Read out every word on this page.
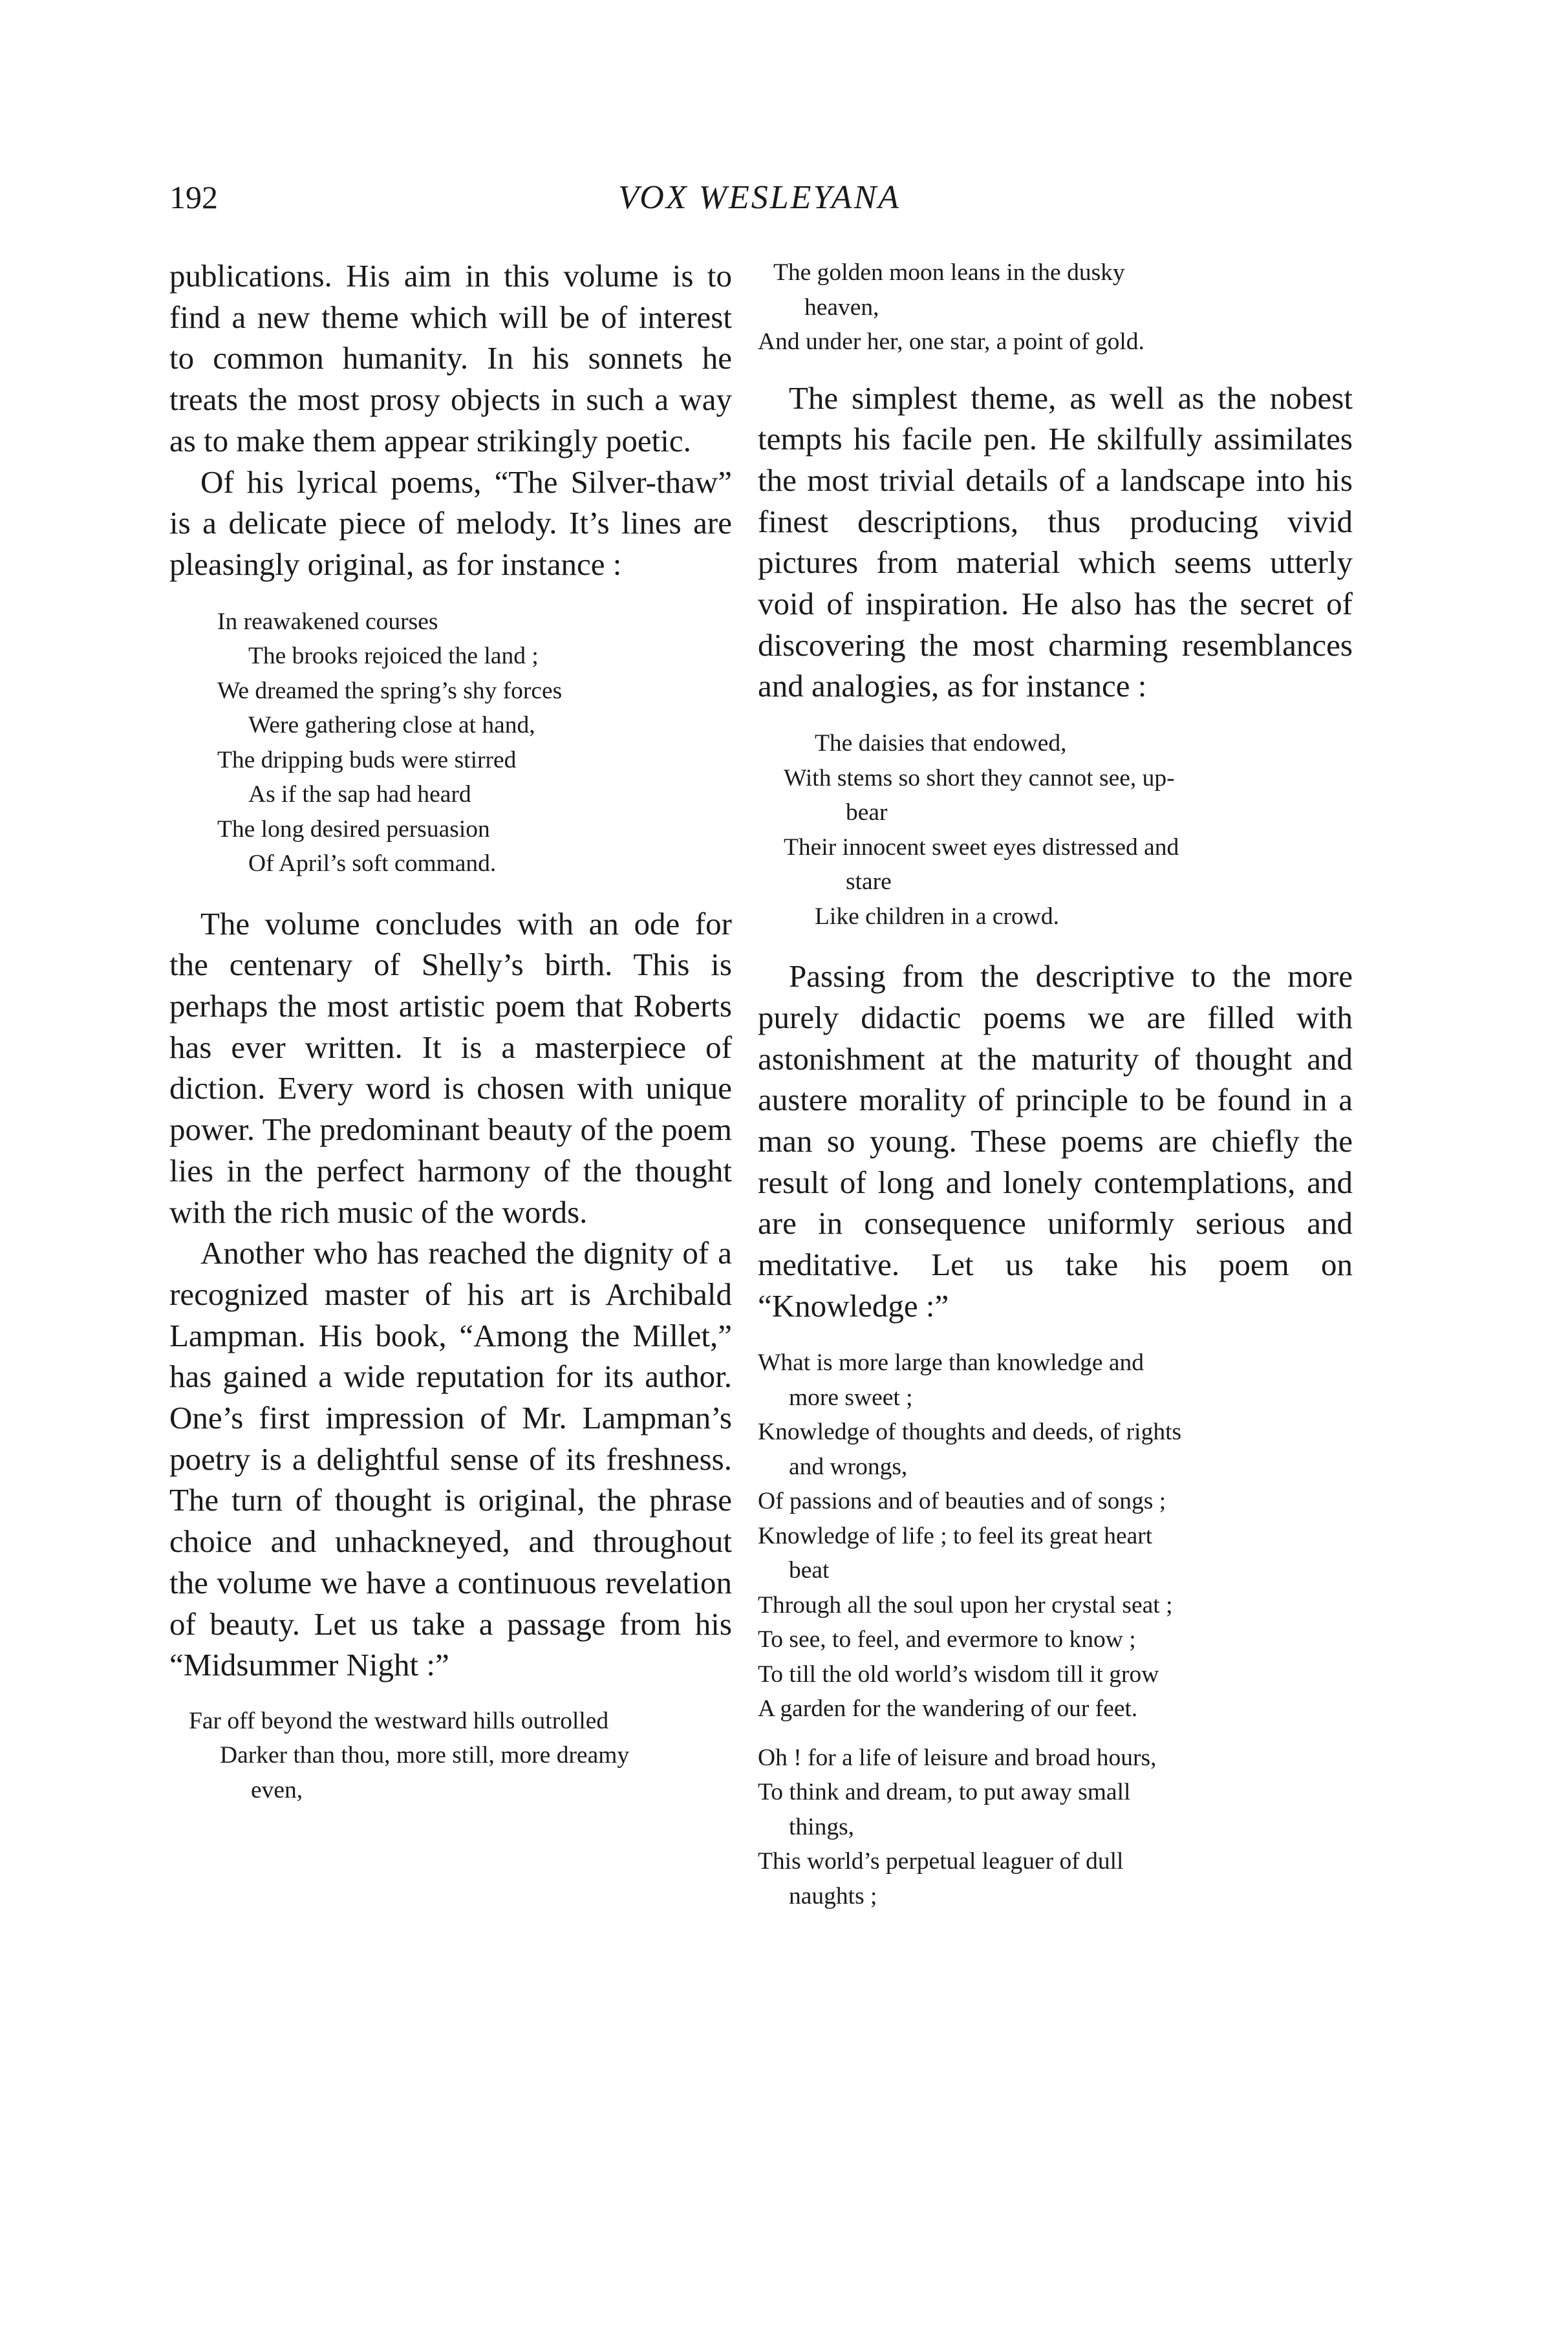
192	VOX WESLEYANA

publications. His aim in this volume is to find a new theme which will be of interest to common humanity. In his sonnets he treats the most prosy objects in such a way as to make them appear strikingly poetic.

Of his lyrical poems, “The Silver-thaw” is a delicate piece of melody. It’s lines are pleasingly original, as for instance :

In reawakened courses
The brooks rejoiced the land ;
We dreamed the spring’s shy forces
Were gathering close at hand,
The dripping buds were stirred
As if the sap had heard
The long desired persuasion
Of April’s soft command.

The volume concludes with an ode for the centenary of Shelly’s birth. This is perhaps the most artistic poem that Roberts has ever written. It is a masterpiece of diction. Every word is chosen with unique power. The predominant beauty of the poem lies in the perfect harmony of the thought with the rich music of the words.

Another who has reached the dignity of a recognized master of his art is Archibald Lampman. His book, “Among the Millet,” has gained a wide reputation for its author. One’s first impression of Mr. Lampman’s poetry is a delightful sense of its freshness. The turn of thought is original, the phrase choice and unhackneyed, and throughout the volume we have a continuous revelation of beauty. Let us take a passage from his “Midsummer Night :”

Far off beyond the westward hills outrolled
Darker than thou, more still, more dreamy
even,
The golden moon leans in the dusky
heaven,
And under her, one star, a point of gold.

The simplest theme, as well as the nobest tempts his facile pen. He skilfully assimilates the most trivial details of a landscape into his finest descriptions, thus producing vivid pictures from material which seems utterly void of inspiration. He also has the secret of discovering the most charming resemblances and analogies, as for instance :

The daisies that endowed,
With stems so short they cannot see, up-
bear
Their innocent sweet eyes distressed and
stare
Like children in a crowd.

Passing from the descriptive to the more purely didactic poems we are filled with astonishment at the maturity of thought and austere morality of principle to be found in a man so young. These poems are chiefly the result of long and lonely contemplations, and are in consequence uniformly serious and meditative. Let us take his poem on “Knowledge :”

What is more large than knowledge and
more sweet ;
Knowledge of thoughts and deeds, of rights
and wrongs,
Of passions and of beauties and of songs ;
Knowledge of life ; to feel its great heart
beat
Through all the soul upon her crystal seat ;
To see, to feel, and evermore to know ;
To till the old world’s wisdom till it grow
A garden for the wandering of our feet.
Oh ! for a life of leisure and broad hours,
To think and dream, to put away small
things,
This world’s perpetual leaguer of dull
naughts ;
